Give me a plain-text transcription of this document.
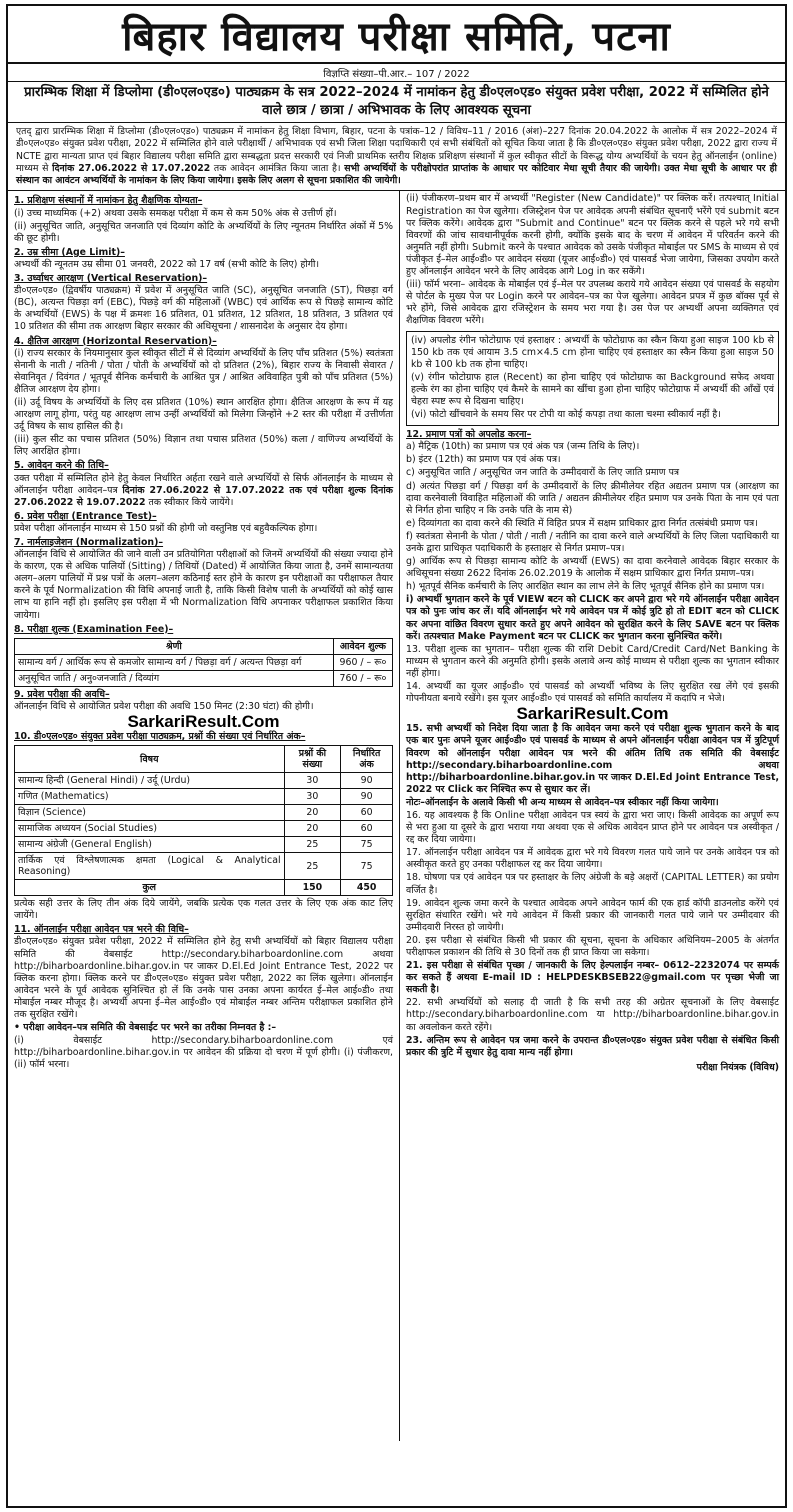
बिहार विद्यालय परीक्षा समिति, पटना
विज्ञप्ति संख्या–पी.आर.– 107 / 2022
प्रारम्भिक शिक्षा में डिप्लोमा (डी०एल०एड०) पाठ्यक्रम के सत्र 2022–2024 में नामांकन हेतु डी०एल०एड० संयुक्त प्रवेश परीक्षा, 2022 में सम्मिलित होने वाले छात्र / छात्रा / अभिभावक के लिए आवश्यक सूचना
एतद् द्वारा प्रारम्भिक शिक्षा में डिप्लोमा (डी०एल०एड०) पाठ्यक्रम में नामांकन हेतु शिक्षा विभाग, बिहार, पटना के पत्रांक–12 / विविध–11 / 2016 (अंश)–227 दिनांक 20.04.2022 के आलोक में सत्र 2022–2024 में डी०एल०एड० संयुक्त प्रवेश परीक्षा, 2022 में सम्मिलित होने वाले परीक्षार्थी / अभिभावक एवं सभी जिला शिक्षा पदाधिकारी एवं सभी संबंधितों को सूचित किया जाता है कि डी०एल०एड० संयुक्त प्रवेश परीक्षा, 2022 द्वारा राज्य में NCTE द्वारा मान्यता प्राप्त एवं बिहार विद्यालय परीक्षा समिति द्वारा सम्बद्धता प्रदत्त सरकारी एवं निजी प्राथमिक स्तरीय शिक्षक प्रशिक्षण संस्थानों में कुल स्वीकृत सीटों के विरूद्ध योग्य अभ्यर्थियों के चयन हेतु ऑनलाईन (online) माध्यम से दिनांक 27.06.2022 से 17.07.2022 तक आवेदन आमंत्रित किया जाता है। सभी अभ्यर्थियों के परीक्षोपरांत प्राप्तांक के आधार पर कोटिवार मेधा सूची तैयार की जायेगी। उक्त मेधा सूची के आधार पर ही संस्थान का आवंटन अभ्यर्थियों के नामांकन के लिए किया जायेगा। इसके लिए अलग से सूचना प्रकाशित की जायेगी।
1. प्रशिक्षण संस्थानों में नामांकन हेतु शैक्षणिक योग्यता–

(i) उच्च माध्यमिक (+2) अथवा उसके समकक्ष परीक्षा में कम से कम 50% अंक से उत्तीर्ण हों।

(ii) अनुसूचित जाति, अनुसूचित जनजाति एवं दिव्यांग कोटि के अभ्यर्थियों के लिए न्यूनतम निर्धारित अंकों में 5% की छूट होगी।

2. उम्र सीमा (Age Limit)–

अभ्यर्थी की न्यूनतम उम्र सीमा 01 जनवरी, 2022 को 17 वर्ष (सभी कोटि के लिए) होगी।

3. उर्ध्वाधर आरक्षण (Vertical Reservation)–

डी०एल०एड० (द्विवर्षीय पाठ्यक्रम) में प्रवेश में अनुसूचित जाति (SC), अनुसूचित जनजाति (ST), पिछड़ा वर्ग (BC), अत्यन्त पिछड़ा वर्ग (EBC), पिछड़े वर्ग की महिलाओं (WBC) एवं आर्थिक रूप से पिछड़े सामान्य कोटि के अभ्यर्थियों (EWS) के पक्ष में क्रमशः 16 प्रतिशत, 01 प्रतिशत, 12 प्रतिशत, 18 प्रतिशत, 3 प्रतिशत एवं 10 प्रतिशत की सीमा तक आरक्षण बिहार सरकार की अधिसूचना / शासनादेश के अनुसार देय होगा।

4. क्षैतिज आरक्षण (Horizontal Reservation)–

(i) राज्य सरकार के नियमानुसार कुल स्वीकृत सीटों में से दिव्यांग अभ्यर्थियों के लिए पाँच प्रतिशत (5%) स्वतंत्रता सेनानी के नाती / नतिनी / पोता / पोती के अभ्यर्थियों को दो प्रतिशत (2%), बिहार राज्य के निवासी सेवारत / सेवानिवृत / दिवंगत / भूतपूर्व सैनिक कर्मचारी के आश्रित पुत्र / आश्रित अविवाहित पुत्री को पाँच प्रतिशत (5%) क्षैतिज आरक्षण देय होगा।

(ii) उर्दू विषय के अभ्यर्थियों के लिए दस प्रतिशत (10%) स्थान आरक्षित होगा। क्षैतिज आरक्षण के रूप में यह आरक्षण लागू होगा, परंतु यह आरक्षण लाभ उन्हीं अभ्यर्थियों को मिलेगा जिन्होंने +2 स्तर की परीक्षा में उत्तीर्णता उर्दू विषय के साथ हासिल की है।

(iii) कुल सीट का पचास प्रतिशत (50%) विज्ञान तथा पचास प्रतिशत (50%) कला / वाणिज्य अभ्यर्थियों के लिए आरक्षित होगा।

5. आवेदन करने की तिथि–

उक्त परीक्षा में सम्मिलित होने हेतु केवल निर्धारित अर्हता रखने वाले अभ्यर्थियों से सिर्फ ऑनलाईन के माध्यम से ऑनलाईन परीक्षा आवेदन–पत्र दिनांक 27.06.2022 से 17.07.2022 तक एवं परीक्षा शुल्क दिनांक 27.06.2022 से 19.07.2022 तक स्वीकार किये जायेंगे।

6. प्रवेश परीक्षा (Entrance Test)–

प्रवेश परीक्षा ऑनलाईन माध्यम से 150 प्रश्नों की होगी जो वस्तुनिष्ठ एवं बहुवैकल्पिक होगा।

7. नार्मलाइजेशन (Normalization)–

ऑनलाईन विधि से आयोजित की जाने वाली उन प्रतियोगिता परीक्षाओं को जिनमें अभ्यर्थियों की संख्या ज्यादा होने के कारण, एक से अधिक पालियों (Sitting) / तिथियों (Dated) में आयोजित किया जाता है, उनमें सामान्यतया अलग–अलग पालियों में प्रश्न पत्रों के अलग–अलग कठिनाई स्तर होने के कारण इन परीक्षाओं का परीक्षाफल तैयार करने के पूर्व Normalization की विधि अपनाई जाती है, ताकि किसी विशेष पाली के अभ्यर्थियों को कोई खास लाभ या हानि नहीं हो। इसलिए इस परीक्षा में भी Normalization विधि अपनाकर परीक्षाफल प्रकाशित किया जायेगा।

8. परीक्षा शुल्क (Examination Fee)–
श्रेणी	आवेदन शुल्क
सामान्य वर्ग / आर्थिक रूप से कमजोर सामान्य वर्ग / पिछड़ा वर्ग / अत्यन्त पिछड़ा वर्ग	960 / – रू०
अनुसूचित जाति / अनु०जनजाति / दिव्यांग	760 / – रू०
9. प्रवेश परीक्षा की अवधि–

ऑनलाईन विधि से आयोजित प्रवेश परीक्षा की अवधि 150 मिनट (2:30 घंटा) की होगी।

SarkariResult.Com
10. डी०एल०एड० संयुक्त प्रवेश परीक्षा पाठ्यक्रम, प्रश्नों की संख्या एवं निर्धारित अंक–
विषय	प्रश्नों की संख्या	निर्धारित अंक
सामान्य हिन्दी (General Hindi) / उर्दू (Urdu)	30	90
गणित (Mathematics)	30	90
विज्ञान (Science)	20	60
सामाजिक अध्ययन (Social Studies)	20	60
सामान्य अंग्रेजी (General English)	25	75
तार्किक एवं विश्लेषणात्मक क्षमता (Logical & Analytical Reasoning)	25	75
कुल	150	450

प्रत्येक सही उत्तर के लिए तीन अंक दिये जायेंगे, जबकि प्रत्येक एक गलत उत्तर के लिए एक अंक काट लिए जायेंगे।

11. ऑनलाईन परीक्षा आवेदन पत्र भरने की विधि–

डी०एल०एड० संयुक्त प्रवेश परीक्षा, 2022 में सम्मिलित होने हेतु सभी अभ्यर्थियों को बिहार विद्यालय परीक्षा समिति की वेबसाईट http://secondary.biharboardonline.com अथवा http://biharboardonline.bihar.gov.in पर जाकर D.El.Ed Joint Entrance Test, 2022 पर क्लिक करना होगा। क्लिक करने पर डी०एल०एड० संयुक्त प्रवेश परीक्षा, 2022 का लिंक खुलेगा। ऑनलाईन आवेदन भरने के पूर्व आवेदक सुनिश्चित हो लें कि उनके पास उनका अपना कार्यरत ई–मेल आई०डी० तथा मोबाईल नम्बर मौजूद है। अभ्यर्थी अपना ई–मेल आई०डी० एवं मोबाईल नम्बर अन्तिम परीक्षाफल प्रकाशित होने तक सुरक्षित रखेंगे।

• परीक्षा आवेदन–पत्र समिति की वेबसाईट पर भरने का तरीका निम्नवत है :–

(i) वेबसाईट http://secondary.biharboardonline.com एवं http://biharboardonline.bihar.gov.in पर आवेदन की प्रक्रिया दो चरण में पूर्ण होगी। (i) पंजीकरण, (ii) फॉर्म भरना।

(ii) पंजीकरण–प्रथम बार में अभ्यर्थी "Register (New Candidate)" पर क्लिक करें। तत्पश्चात् Initial Registration का पेज खुलेगा। रजिस्ट्रेशन पेज पर आवेदक अपनी संबंधित सूचनाएँ भरेंगे एवं submit बटन पर क्लिक करेंगे। आवेदक द्वारा "Submit and Continue" बटन पर क्लिक करने से पहले भरे गये सभी विवरणों की जांच सावधानीपूर्वक करनी होगी, क्योंकि इसके बाद के चरण में आवेदन में परिवर्तन करने की अनुमति नहीं होगी। Submit करने के पश्चात आवेदक को उसके पंजीकृत मोबाईल पर SMS के माध्यम से एवं पंजीकृत ई–मेल आई०डी० पर आवेदन संख्या (यूजर आई०डी०) एवं पासवर्ड भेजा जायेगा, जिसका उपयोग करते हुए ऑनलाईन आवेदन भरने के लिए आवेदक आगे Log in कर सकेंगे।

(iii) फॉर्म भरना– आवेदक के मोबाईल एवं ई–मेल पर उपलब्ध कराये गये आवेदन संख्या एवं पासवर्ड के सहयोग से पोर्टल के मुख्य पेज पर Login करने पर आवेदन–पत्र का पेज खुलेगा। आवेदन प्रपत्र में कुछ बॉक्स पूर्व से भरे होंगे, जिसे आवेदक द्वारा रजिस्ट्रेशन के समय भरा गया है। उस पेज पर अभ्यर्थी अपना व्यक्तिगत एवं शैक्षणिक विवरण भरेंगे।

(iv) अपलोड रंगीन फोटोग्राफ एवं हस्ताक्षर : अभ्यर्थी के फोटोग्राफ का स्कैन किया हुआ साइज 100 kb से 150 kb तक एवं आयाम 3.5 cm×4.5 cm होना चाहिए एवं हस्ताक्षर का स्कैन किया हुआ साइज 50 kb से 100 kb तक होना चाहिए।

(v) रंगीन फोटोग्राफ हाल (Recent) का होना चाहिए एवं फोटोग्राफ का Background सफेद अथवा हल्के रंग का होना चाहिए एवं कैमरे के सामने का खींचा हुआ होना चाहिए फोटोग्राफ में अभ्यर्थी की आँखें एवं चेहरा स्पष्ट रूप से दिखना चाहिए।

(vi) फोटो खींचवाने के समय सिर पर टोपी या कोई कपड़ा तथा काला चश्मा स्वीकार्य नहीं है।

12. प्रमाण पत्रों को अपलोड करना–

a) मैट्रिक (10th) का प्रमाण पत्र एवं अंक पत्र (जन्म तिथि के लिए)।

b) इंटर (12th) का प्रमाण पत्र एवं अंक पत्र।

c) अनुसूचित जाति / अनुसूचित जन जाति के उम्मीदवारों के लिए जाति प्रमाण पत्र

d) अत्यंत पिछड़ा वर्ग / पिछड़ा वर्ग के उम्मीदवारों के लिए क्रीमीलेयर रहित अद्यतन प्रमाण पत्र (आरक्षण का दावा करनेवाली विवाहित महिलाओं की जाति / अद्यतन क्रीमीलेयर रहित प्रमाण पत्र उनके पिता के नाम एवं पता से निर्गत होना चाहिए न कि उनके पति के नाम से)

e) दिव्यांगता का दावा करने की स्थिति में विहित प्रपत्र में सक्षम प्राधिकार द्वारा निर्गत तत्संबंधी प्रमाण पत्र।

f) स्वतंत्रता सेनानी के पोता / पोती / नाती / नतीनि का दावा करने वाले अभ्यर्थियों के लिए जिला पदाधिकारी या उनके द्वारा प्राधिकृत पदाधिकारी के हस्ताक्षर से निर्गत प्रमाण–पत्र।

g) आर्थिक रूप से पिछड़ा सामान्य कोटि के अभ्यर्थी (EWS) का दावा करनेवाले आवेदक बिहार सरकार के अधिसूचना संख्या 2622 दिनांक 26.02.2019 के आलोक में सक्षम प्राधिकार द्वारा निर्गत प्रमाण–पत्र।

h) भूतपूर्व सैनिक कर्मचारी के लिए आरक्षित स्थान का लाभ लेने के लिए भूतपूर्व सैनिक होने का प्रमाण पत्र।

i) अभ्यर्थी भुगतान करने के पूर्व VIEW बटन को CLICK कर अपने द्वारा भरे गये ऑनलाईन परीक्षा आवेदन पत्र को पुनः जांच कर लें। यदि ऑनलाईन भरे गये आवेदन पत्र में कोई त्रुटि हो तो EDIT बटन को CLICK कर अपना वांछित विवरण सुधार करते हुए अपने आवेदन को सुरक्षित करने के लिए SAVE बटन पर क्लिक करें। तत्पश्चात Make Payment बटन पर CLICK कर भुगतान करना सुनिश्चित करेंगे।

13. परीक्षा शुल्क का भुगतान– परीक्षा शुल्क की राशि Debit Card/Credit Card/Net Banking के माध्यम से भुगतान करने की अनुमति होगी। इसके अलावे अन्य कोई माध्यम से परीक्षा शुल्क का भुगतान स्वीकार नहीं होगा।

14. अभ्यर्थी का यूजर आई०डी० एवं पासवर्ड को अभ्यर्थी भविष्य के लिए सुरक्षित रख लेंगे एवं इसकी गोपनीयता बनाये रखेंगे। इस यूजर आई०डी० एवं पासवर्ड को समिति कार्यालय में कदापि न भेजे।

SarkariResult.Com

15. सभी अभ्यर्थी को निदेश दिया जाता है कि आवेदन जमा करने एवं परीक्षा शुल्क भुगतान करने के बाद एक बार पुनः अपने यूजर आई०डी० एवं पासवर्ड के माध्यम से अपने ऑनलाईन परीक्षा आवेदन पत्र में त्रुटिपूर्ण विवरण को ऑनलाईन परीक्षा आवेदन पत्र भरने की अंतिम तिथि तक समिति की वेबसाईट http://secondary.biharboardonline.com अथवा http://biharboardonline.bihar.gov.in पर जाकर D.El.Ed Joint Entrance Test, 2022 पर Click कर निश्चित रूप से सुधार कर लें।

नोटः–ऑनलाईन के अलावे किसी भी अन्य माध्यम से आवेदन–पत्र स्वीकार नहीं किया जायेगा।

16. यह आवश्यक है कि Online परीक्षा आवेदन पत्र स्वयं के द्वारा भरा जाए। किसी आवेदक का अपूर्ण रूप से भरा हुआ या दूसरे के द्वारा भराया गया अथवा एक से अधिक आवेदन प्राप्त होने पर आवेदन पत्र अस्वीकृत / रद्द कर दिया जायेगा।

17. ऑनलाईन परीक्षा आवेदन पत्र में आवेदक द्वारा भरे गये विवरण गलत पाये जाने पर उनके आवेदन पत्र को अस्वीकृत करते हुए उनका परीक्षाफल रद्द कर दिया जायेगा।

18. घोषणा पत्र एवं आवेदन पत्र पर हस्ताक्षर के लिए अंग्रेजी के बड़े अक्षरों (CAPITAL LETTER) का प्रयोग वर्जित है।

19. आवेदन शुल्क जमा करने के पश्चात आवेदक अपने आवेदन फार्म की एक हार्ड कॉपी डाउनलोड करेंगे एवं सुरक्षित संधारित रखेंगे। भरे गये आवेदन में किसी प्रकार की जानकारी गलत पाये जाने पर उम्मीदवार की उम्मीदवारी निरस्त हो जायेगी।

20. इस परीक्षा से संबंधित किसी भी प्रकार की सूचना, सूचना के अधिकार अधिनियम–2005 के अंतर्गत परीक्षाफल प्रकाशन की तिथि से 30 दिनों तक ही प्राप्त किया जा सकेगा।

21. इस परीक्षा से संबंधित पृच्छा / जानकारी के लिए हेल्पलाईन नम्बर– 0612–2232074 पर सम्पर्क कर सकते हैं अथवा E-mail ID : HELPDESKBSEB22@gmail.com पर पृच्छा भेजी जा सकती है।

22. सभी अभ्यर्थियों को सलाह दी जाती है कि सभी तरह की अग्रेतर सूचनाओं के लिए वेबसाईट http://secondary.biharboardonline.com या http://biharboardonline.bihar.gov.in का अवलोकन करते रहेंगे।

23. अन्तिम रूप से आवेदन पत्र जमा करने के उपरान्त डी०एल०एड० संयुक्त प्रवेश परीक्षा से संबंधित किसी प्रकार की त्रुटि में सुधार हेतु दावा मान्य नहीं होगा।

परीक्षा नियंत्रक (विविध)
